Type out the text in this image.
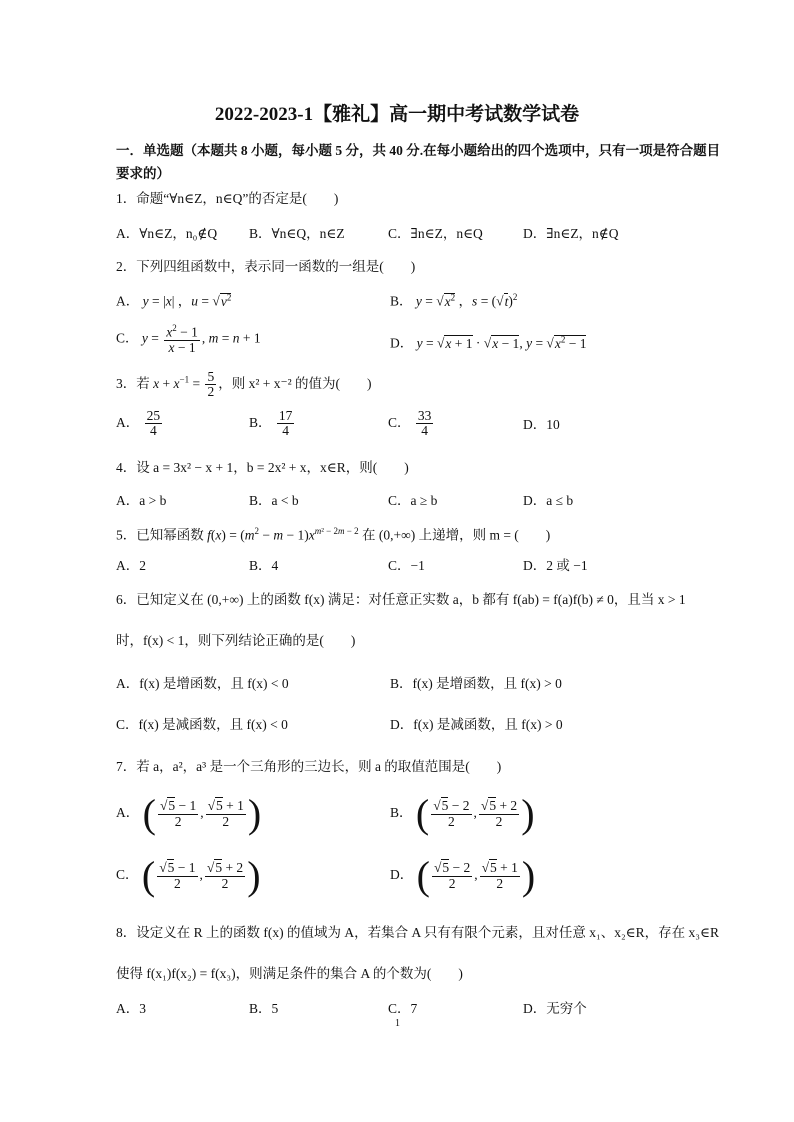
2022-2023-1【雅礼】高一期中考试数学试卷
一．单选题（本题共 8 小题，每小题 5 分，共 40 分.在每小题给出的四个选项中，只有一项是符合题目
要求的）
1．命题“∀n∈Z，n∈Q”的否定是(　　)
A．∀n∈Z，n₀∉Q B．∀n∈Q，n∈Z	C．∃n∈Z，n∈Q	D．∃n∈Z，n∉Q
2．下列四组函数中，表示同一函数的一组是(　　)
A． y = |x| ，$u = √v^2$	B． $y = √x^2$ ，$s = (√t)^2$
C． $y = \frac{x^2 - 1}{x - 1}$ , m = n + 1	D． y = √x + 1 · √x − 1, $y = √x^2 - 1$
3．若 $x + x^{-1} = \frac{5}{2}$ ，则 x² + x⁻² 的值为(　　)
A． $\frac{25}{4}$	B． $\frac{17}{4}$	C． $\frac{33}{4}$	D．10
4．设 a = 3x² − x + 1，b = 2x² + x，x∈R，则(　　)
A．a > b	B．a < b	C．a ≥ b	D．a ≤ b
5．已知幂函数 $f(x) = (m^2 - m - 1)x^{m^2 - 2m - 2}$ 在 (0,+∞) 上递增，则 m = (　　)
A．2	B．4	C．−1	D．2 或 −1
6．已知定义在 (0,+∞) 上的函数 f(x) 满足：对任意正实数 a，b 都有 f(ab) = f(a)f(b) ≠ 0，且当 x > 1
时，f(x) < 1，则下列结论正确的是(　　)
A．f(x) 是增函数，且 f(x) < 0	B．f(x) 是增函数，且 f(x) > 0
C．f(x) 是减函数，且 f(x) < 0	D．f(x) 是减函数，且 f(x) > 0
7．若 a，a²，a³ 是一个三角形的三边长，则 a 的取值范围是(　　)
A． ( $\frac{√5 - 1}{2}$ , $\frac{√5 + 1}{2}$ )	B． ( $\frac{√5 - 2}{2}$ , $\frac{√5 + 2}{2}$ )
C． ( $\frac{√5 - 1}{2}$ , $\frac{√5 + 2}{2}$ )	D． ( $\frac{√5 - 2}{2}$ , $\frac{√5 + 1}{2}$ )
8．设定义在 R 上的函数 f(x) 的值域为 A，若集合 A 只有有限个元素，且对任意 x₁、x₂∈R，存在 x₃∈R
使得 f(x₁)f(x₂) = f(x₃)，则满足条件的集合 A 的个数为(　　)
A．3	B．5	C．7	D．无穷个
1
